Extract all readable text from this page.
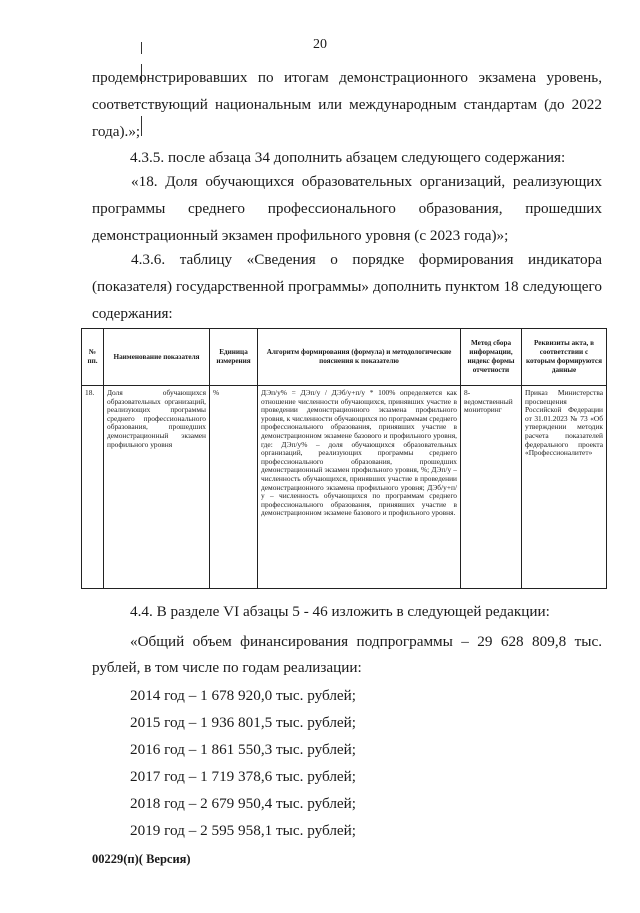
20

продемонстрировавших по итогам демонстрационного экзамена уровень,

соответствующий национальным или международным стандартам (до 2022

года).»;

4.3.5. после абзаца 34 дополнить абзацем следующего содержания:

«18. Доля обучающихся образовательных организаций, реализующих программы среднего профессионального образования, прошедших демонстрационный экзамен профильного уровня (с 2023 года)»;

4.3.6. таблицу «Сведения о порядке формирования индикатора (показателя) государственной программы» дополнить пунктом 18 следующего содержания:

№ пп.	Наименование показателя	Единица измерения	Алгоритм формирования (формула) и методологические пояснения к показателю	Метод сбора информации, индекс формы отчетности	Реквизиты акта, в соответствии с которым формируются данные
18.	Доля обучающихся образовательных организаций, реализующих программы среднего профессионального образования, прошедших демонстрационный экзамен профильного уровня	%	ДЭп/у% = ДЭп/у / ДЭб/у+п/у * 100% определяется как отношение численности обучающихся, принявших участие в проведении демонстрационного экзамена профильного уровня, к численности обучающихся по программам среднего профессионального образования, принявших участие в демонстрационном экзамене базового и профильного уровня, где: ДЭп/у% – доля обучающихся образовательных организаций, реализующих программы среднего профессионального образования, прошедших демонстрационный экзамен профильного уровня, %; ДЭп/у – численность обучающихся, принявших участие в проведении демонстрационного экзамена профильного уровня; ДЭб/у+п/у – численность обучающихся по программам среднего профессионального образования, принявших участие в демонстрационном экзамене базового и профильного уровня.	8-ведомственный мониторинг	Приказ Министерства просвещения Российской Федерации от 31.01.2023 № 73 «Об утверждении методик расчета показателей федерального проекта «Профессионалитет»

4.4. В разделе VI абзацы 5 - 46 изложить в следующей редакции:

«Общий объем финансирования подпрограммы – 29 628 809,8 тыс.

рублей, в том числе по годам реализации:

2014 год – 1 678 920,0 тыс. рублей;

2015 год – 1 936 801,5 тыс. рублей;

2016 год – 1 861 550,3 тыс. рублей;

2017 год – 1 719 378,6 тыс. рублей;

2018 год – 2 679 950,4 тыс. рублей;

2019 год – 2 595 958,1 тыс. рублей;

00229(п)( Версия)
